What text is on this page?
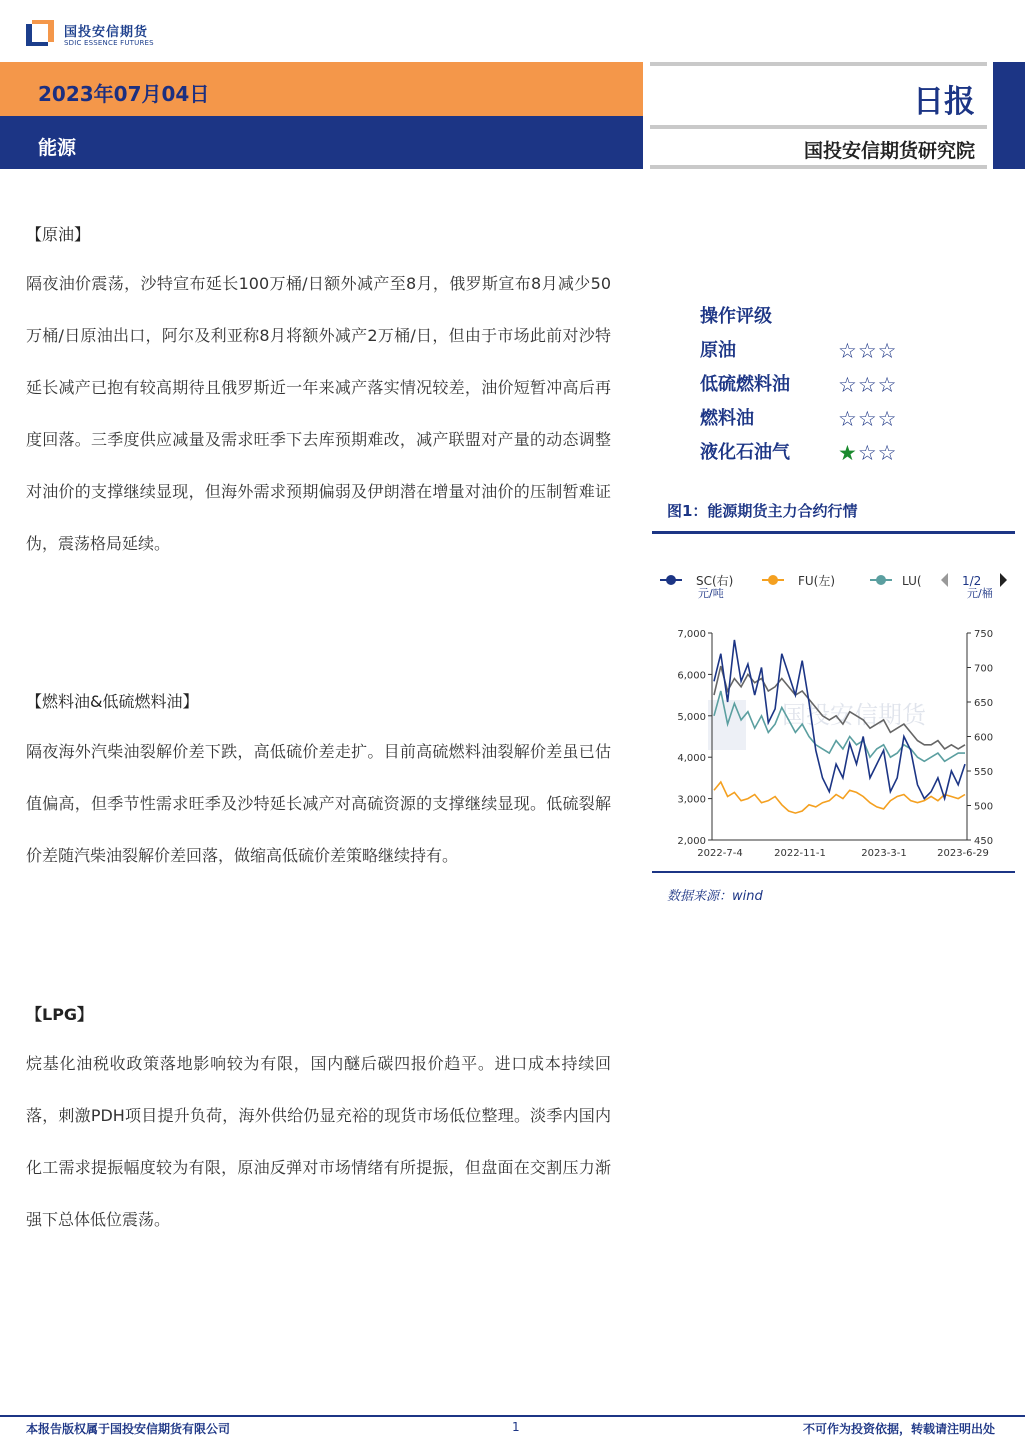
国投安信期货
SDIC ESSENCE FUTURES
2023年07月04日
能源
日报
国投安信期货研究院
【原油】

隔夜油价震荡，沙特宣布延长100万桶/日额外减产至8月，俄罗斯宣布8月减少50万桶/日原油出口，阿尔及利亚称8月将额外减产2万桶/日，但由于市场此前对沙特延长减产已抱有较高期待且俄罗斯近一年来减产落实情况较差，油价短暂冲高后再度回落。三季度供应减量及需求旺季下去库预期难改，减产联盟对产量的动态调整对油价的支撑继续显现，但海外需求预期偏弱及伊朗潜在增量对油价的压制暂难证伪，震荡格局延续。

【燃料油&低硫燃料油】

隔夜海外汽柴油裂解价差下跌，高低硫价差走扩。目前高硫燃料油裂解价差虽已估值偏高，但季节性需求旺季及沙特延长减产对高硫资源的支撑继续显现。低硫裂解价差随汽柴油裂解价差回落，做缩高低硫价差策略继续持有。

【LPG】

烷基化油税收政策落地影响较为有限，国内醚后碳四报价趋平。进口成本持续回落，刺激PDH项目提升负荷，海外供给仍显充裕的现货市场低位整理。淡季内国内化工需求提振幅度较为有限，原油反弹对市场情绪有所提振，但盘面在交割压力渐强下总体低位震荡。

操作评级
原油	☆☆☆
低硫燃料油 ☆☆☆
燃料油	☆☆☆
液化石油气 ★☆☆
图1：能源期货主力合约行情
SC(右)	FU(左)	LU(	1/2
元/吨	元/桶
国投安信期货
7,000
6,000
5,000
4,000
3,000
2,000
750
700
650
600
550
500
450
2022-7-4	2022-11-1	2023-3-1	2023-6-29
数据来源：wind
本报告版权属于国投安信期货有限公司	1	不可作为投资依据，转载请注明出处
